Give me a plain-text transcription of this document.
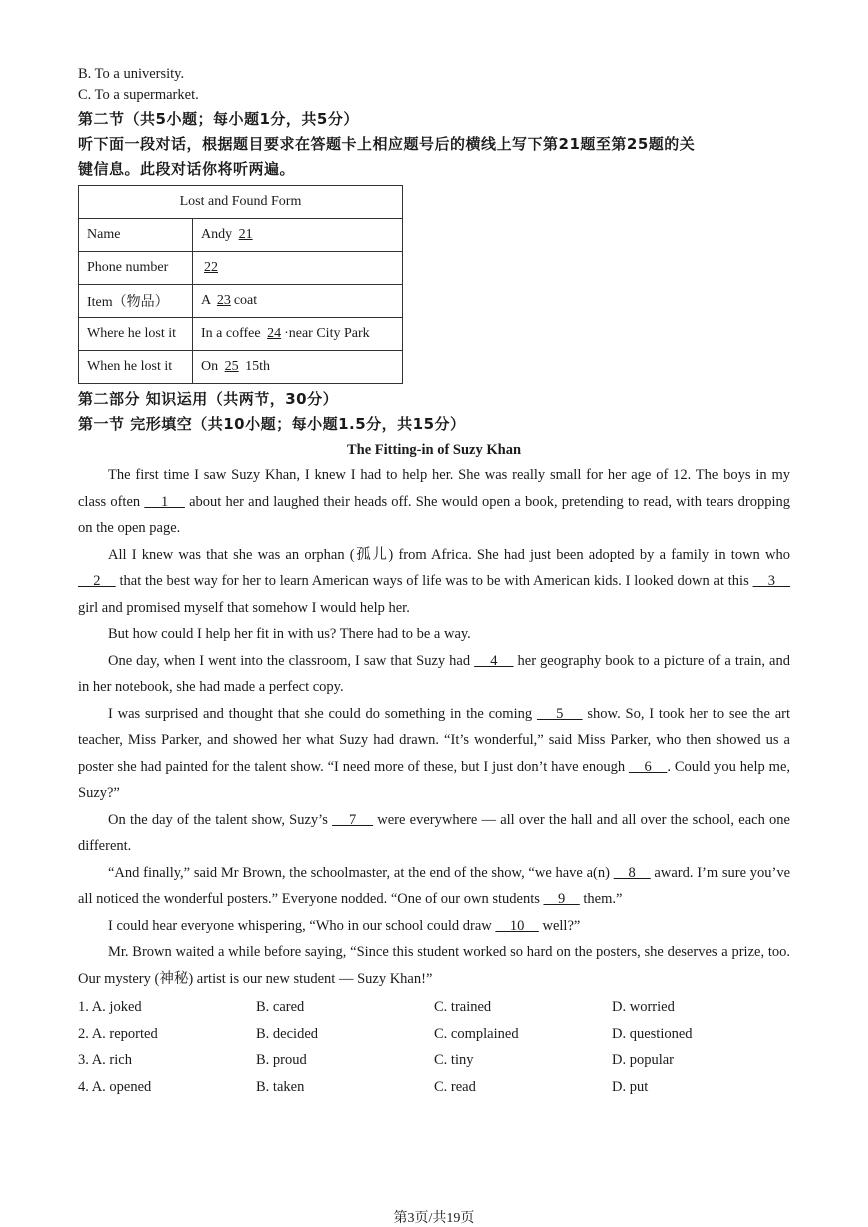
B. To a university.
C. To a supermarket.
第二节（共5小题；每小题1分，共5分）
听下面一段对话，根据题目要求在答题卡上相应题号后的横线上写下第21题至第25题的关
键信息。此段对话你将听两遍。
Lost and Found Form	
Name	Andy 21
Phone number	22
Item（物品）	A 23 coat
Where he lost it	In a coffee 24 ·near City Park
When he lost it	On 25 15th
第二部分 知识运用（共两节，30分）
第一节 完形填空（共10小题；每小题1.5分，共15分）
The Fitting-in of Suzy Khan

The first time I saw Suzy Khan, I knew I had to help her. She was really small for her age of 12. The boys in my class often     1     about her and laughed their heads off. She would open a book, pretending to read, with tears dropping on the open page.

All I knew was that she was an orphan (孤儿) from Africa. She had just been adopted by a family in town who     2     that the best way for her to learn American ways of life was to be with American kids. I looked down at this     3     girl and promised myself that somehow I would help her.

But how could I help her fit in with us? There had to be a way.

One day, when I went into the classroom, I saw that Suzy had     4     her geography book to a picture of a train, and in her notebook, she had made a perfect copy.

I was surprised and thought that she could do something in the coming     5     show. So, I took her to see the art teacher, Miss Parker, and showed her what Suzy had drawn. “It’s wonderful,” said Miss Parker, who then showed us a poster she had painted for the talent show. “I need more of these, but I just don’t have enough     6    . Could you help me, Suzy?”

On the day of the talent show, Suzy’s     7     were everywhere — all over the hall and all over the school, each one different.

“And finally,” said Mr Brown, the schoolmaster, at the end of the show, “we have a(n)     8     award. I’m sure you’ve all noticed the wonderful posters.” Everyone nodded. “One of our own students     9     them.”

I could hear everyone whispering, “Who in our school could draw     10     well?”

Mr. Brown waited a while before saying, “Since this student worked so hard on the posters, she deserves a prize, too. Our mystery (神秘) artist is our new student — Suzy Khan!”

1. A. joked	B. cared	C. trained	D. worried
2. A. reported	B. decided	C. complained	D. questioned
3. A. rich	B. proud	C. tiny	D. popular
4. A. opened	B. taken	C. read	D. put
第3页/共19页
